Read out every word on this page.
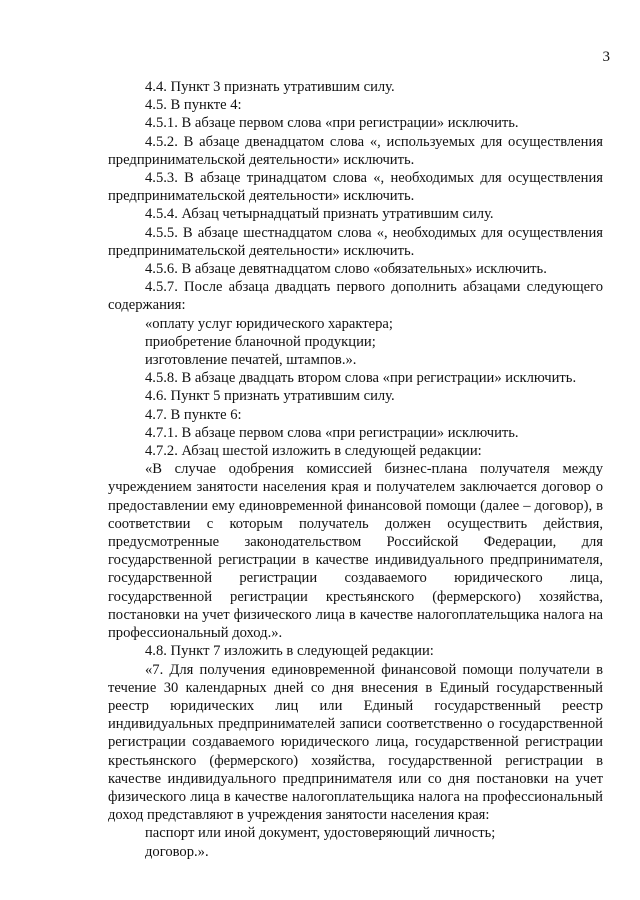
3

4.4. Пункт 3 признать утратившим силу.

4.5. В пункте 4:

4.5.1. В абзаце первом слова «при регистрации» исключить.

4.5.2. В абзаце двенадцатом слова «, используемых для осуществления предпринимательской деятельности» исключить.

4.5.3. В абзаце тринадцатом слова «, необходимых для осуществления предпринимательской деятельности» исключить.

4.5.4. Абзац четырнадцатый признать утратившим силу.

4.5.5. В абзаце шестнадцатом слова «, необходимых для осуществления предпринимательской деятельности» исключить.

4.5.6. В абзаце девятнадцатом слово «обязательных» исключить.

4.5.7. После абзаца двадцать первого дополнить абзацами следующего содержания:

«оплату услуг юридического характера;

приобретение бланочной продукции;

изготовление печатей, штампов.».

4.5.8. В абзаце двадцать втором слова «при регистрации» исключить.

4.6. Пункт 5 признать утратившим силу.

4.7. В пункте 6:

4.7.1. В абзаце первом слова «при регистрации» исключить.

4.7.2. Абзац шестой изложить в следующей редакции:

«В случае одобрения комиссией бизнес-плана получателя между учреждением занятости населения края и получателем заключается договор о предоставлении ему единовременной финансовой помощи (далее – договор), в соответствии с которым получатель должен осуществить действия, предусмотренные законодательством Российской Федерации, для государственной регистрации в качестве индивидуального предпринимателя, государственной регистрации создаваемого юридического лица, государственной регистрации крестьянского (фермерского) хозяйства, постановки на учет физического лица в качестве налогоплательщика налога на профессиональный доход.».

4.8. Пункт 7 изложить в следующей редакции:

«7. Для получения единовременной финансовой помощи получатели в течение 30 календарных дней со дня внесения в Единый государственный реестр юридических лиц или Единый государственный реестр индивидуальных предпринимателей записи соответственно о государственной регистрации создаваемого юридического лица, государственной регистрации крестьянского (фермерского) хозяйства, государственной регистрации в качестве индивидуального предпринимателя или со дня постановки на учет физического лица в качестве налогоплательщика налога на профессиональный доход представляют в учреждения занятости населения края:

паспорт или иной документ, удостоверяющий личность;

договор.».
